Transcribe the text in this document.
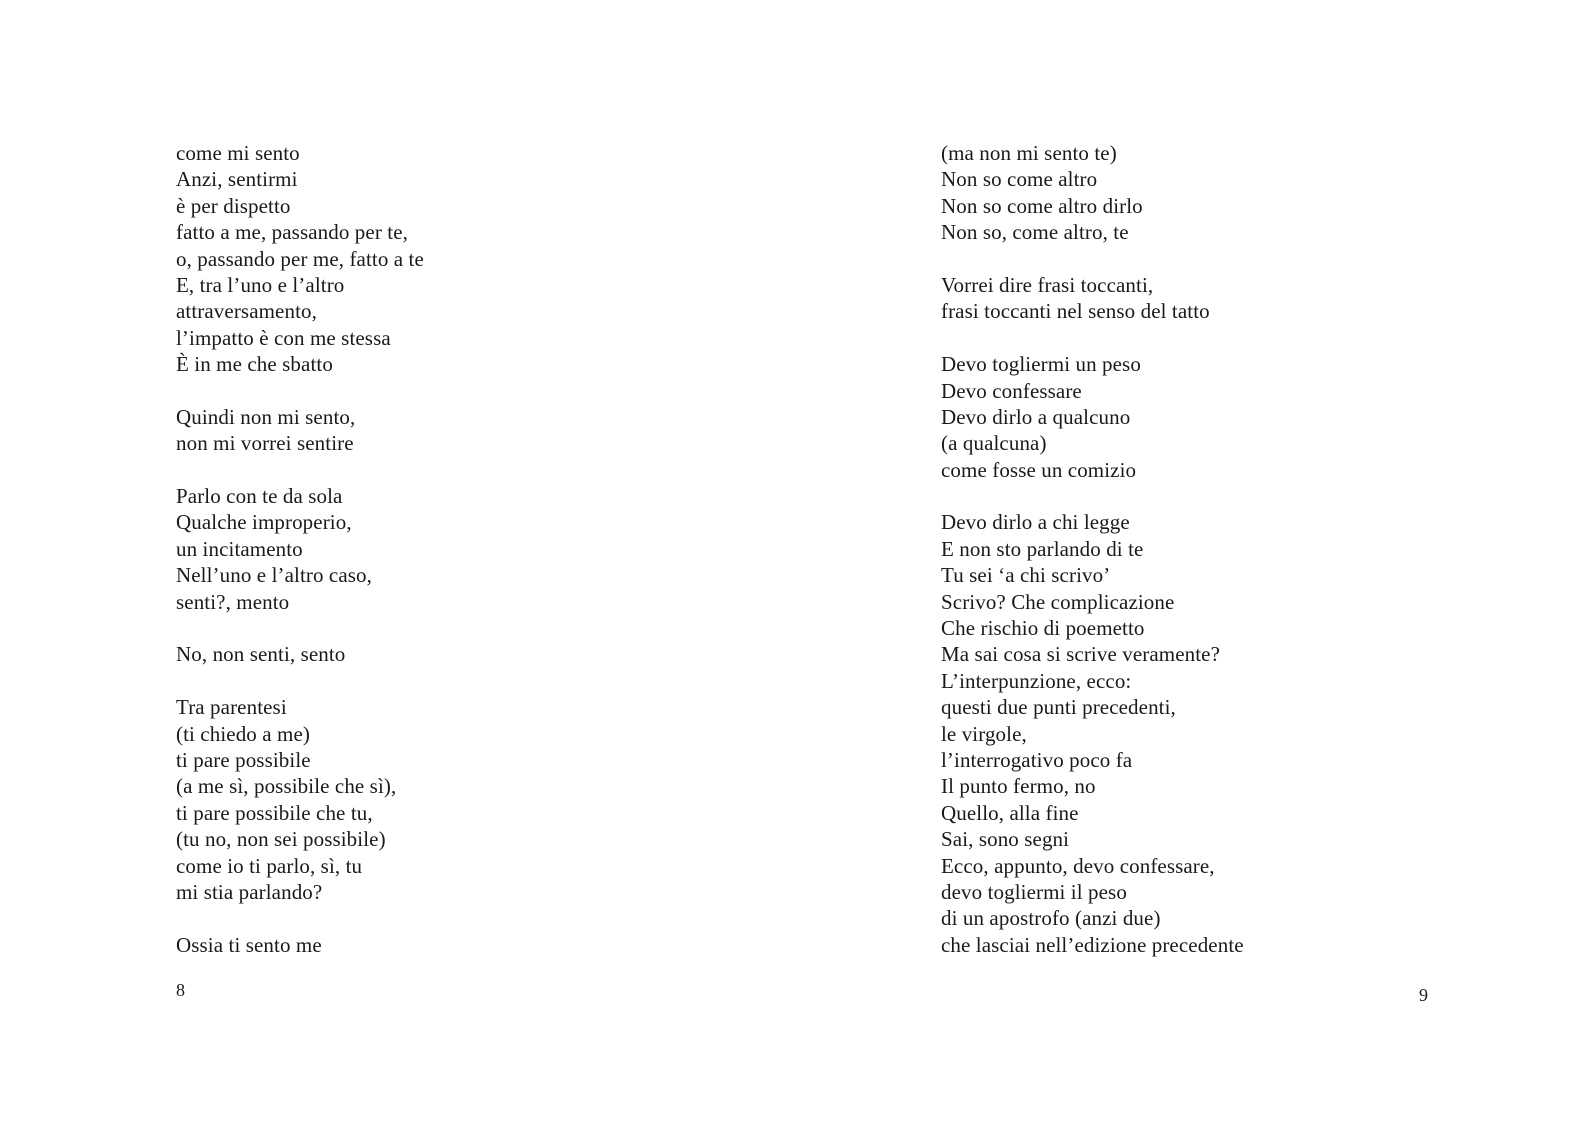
come mi sento
Anzi, sentirmi
è per dispetto
fatto a me, passando per te,
o, passando per me, fatto a te
E, tra l’uno e l’altro
attraversamento,
l’impatto è con me stessa
È in me che sbatto
Quindi non mi sento,
non mi vorrei sentire
Parlo con te da sola
Qualche improperio,
un incitamento
Nell’uno e l’altro caso,
senti?, mento
No, non senti, sento
Tra parentesi
(ti chiedo a me)
ti pare possibile
(a me sì, possibile che sì),
ti pare possibile che tu,
(tu no, non sei possibile)
come io ti parlo, sì, tu
mi stia parlando?
Ossia ti sento me
8
(ma non mi sento te)
Non so come altro
Non so come altro dirlo
Non so, come altro, te
Vorrei dire frasi toccanti,
frasi toccanti nel senso del tatto
Devo togliermi un peso
Devo confessare
Devo dirlo a qualcuno
(a qualcuna)
come fosse un comizio
Devo dirlo a chi legge
E non sto parlando di te
Tu sei ‘a chi scrivo’
Scrivo? Che complicazione
Che rischio di poemetto
Ma sai cosa si scrive veramente?
L’interpunzione, ecco:
questi due punti precedenti,
le virgole,
l’interrogativo poco fa
Il punto fermo, no
Quello, alla fine
Sai, sono segni
Ecco, appunto, devo confessare,
devo togliermi il peso
di un apostrofo (anzi due)
che lasciai nell’edizione precedente
9
